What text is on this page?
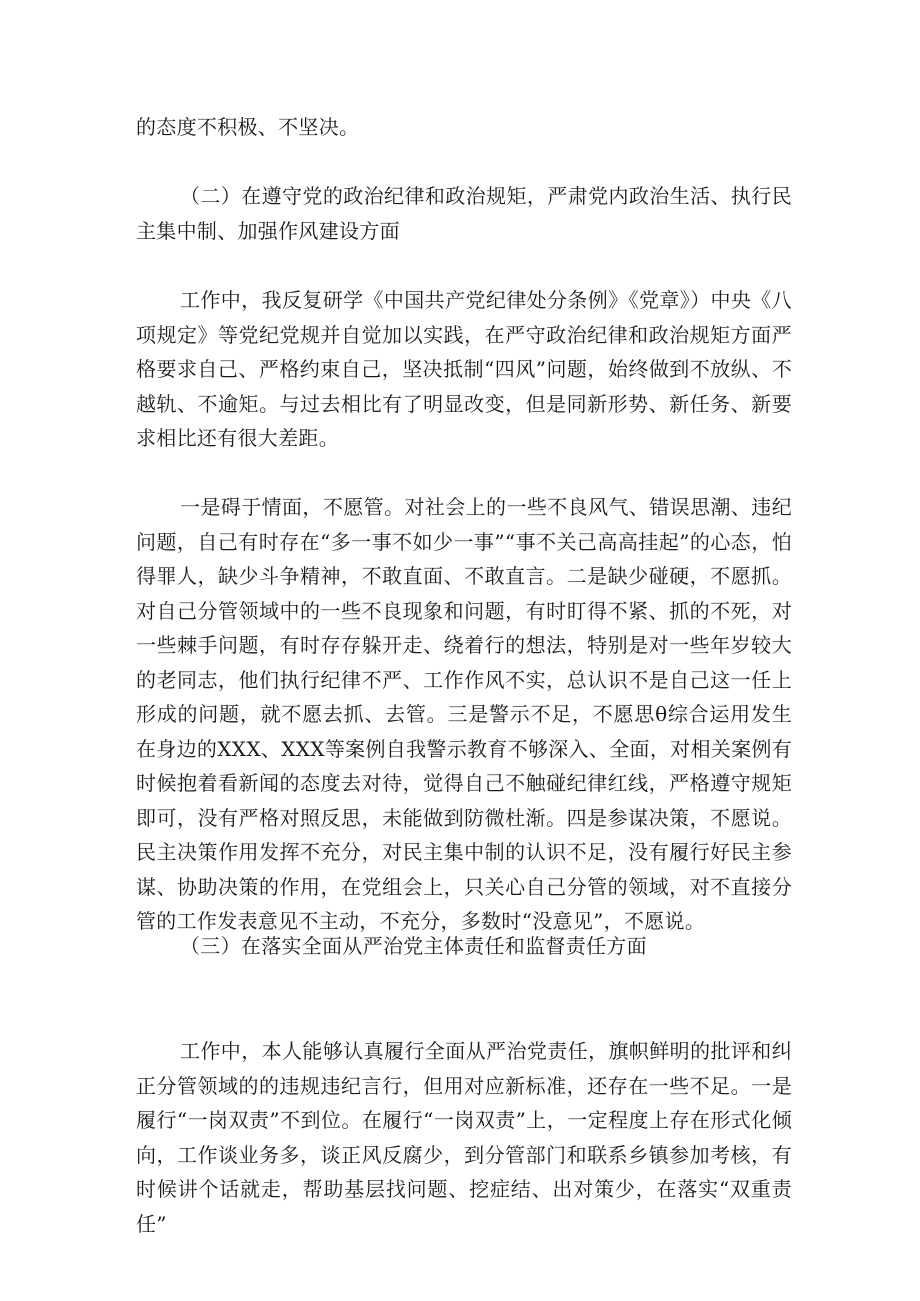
的态度不积极、不坚决。
（二）在遵守党的政治纪律和政治规矩，严肃党内政治生活、执行民主集中制、加强作风建设方面
工作中，我反复研学《中国共产党纪律处分条例》《党章》）中央《八项规定》等党纪党规并自觉加以实践，在严守政治纪律和政治规矩方面严格要求自己、严格约束自己，坚决抵制“四风”问题，始终做到不放纵、不越轨、不逾矩。与过去相比有了明显改变，但是同新形势、新任务、新要求相比还有很大差距。
一是碍于情面，不愿管。对社会上的一些不良风气、错误思潮、违纪问题，自己有时存在“多一事不如少一事”“事不关己高高挂起”的心态，怕得罪人，缺少斗争精神，不敢直面、不敢直言。二是缺少碰硬，不愿抓。对自己分管领域中的一些不良现象和问题，有时盯得不紧、抓的不死，对一些棘手问题，有时存存躲开走、绕着行的想法，特别是对一些年岁较大的老同志，他们执行纪律不严、工作作风不实，总认识不是自己这一任上形成的问题，就不愿去抓、去管。三是警示不足，不愿思θ综合运用发生在身边的XXX、XXX等案例自我警示教育不够深入、全面，对相关案例有时候抱着看新闻的态度去对待，觉得自己不触碰纪律红线，严格遵守规矩即可，没有严格对照反思，未能做到防微杜渐。四是参谋决策，不愿说。民主决策作用发挥不充分，对民主集中制的认识不足，没有履行好民主参谋、协助决策的作用，在党组会上，只关心自己分管的领域，对不直接分管的工作发表意见不主动，不充分，多数时“没意见”，不愿说。
（三）在落实全面从严治党主体责任和监督责任方面
工作中，本人能够认真履行全面从严治党责任，旗帜鲜明的批评和纠正分管领域的的违规违纪言行，但用对应新标准，还存在一些不足。一是履行“一岗双责”不到位。在履行“一岗双责”上，一定程度上存在形式化倾向，工作谈业务多，谈正风反腐少，到分管部门和联系乡镇参加考核，有时候讲个话就走，帮助基层找问题、挖症结、出对策少，在落实“双重责任”
